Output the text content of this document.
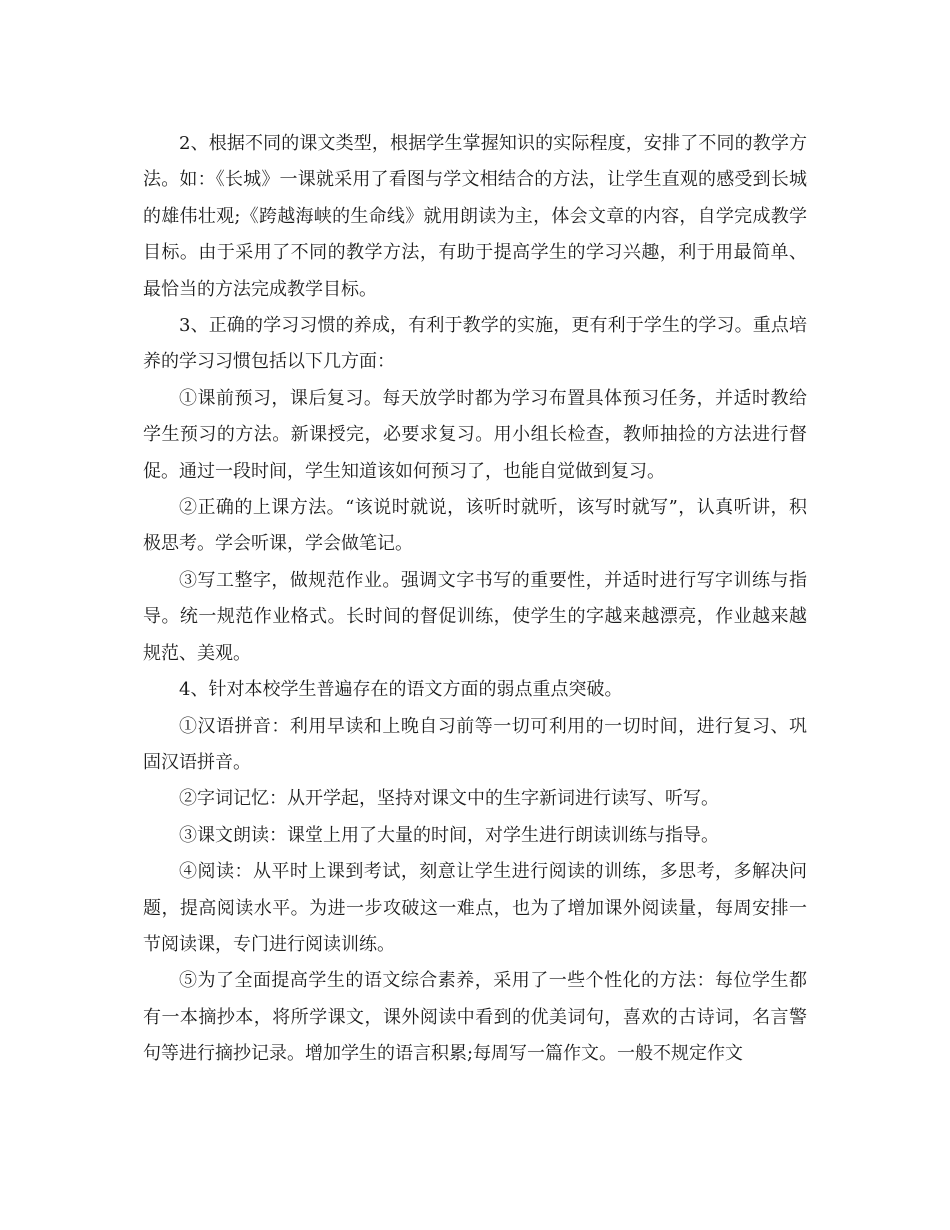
2、根据不同的课文类型，根据学生掌握知识的实际程度，安排了不同的教学方法。如：《长城》一课就采用了看图与学文相结合的方法，让学生直观的感受到长城的雄伟壮观;《跨越海峡的生命线》就用朗读为主，体会文章的内容，自学完成教学目标。由于采用了不同的教学方法，有助于提高学生的学习兴趣，利于用最简单、最恰当的方法完成教学目标。

3、正确的学习习惯的养成，有利于教学的实施，更有利于学生的学习。重点培养的学习习惯包括以下几方面：

①课前预习，课后复习。每天放学时都为学习布置具体预习任务，并适时教给学生预习的方法。新课授完，必要求复习。用小组长检查，教师抽捡的方法进行督促。通过一段时间，学生知道该如何预习了，也能自觉做到复习。

②正确的上课方法。“该说时就说，该听时就听，该写时就写”，认真听讲，积极思考。学会听课，学会做笔记。

③写工整字，做规范作业。强调文字书写的重要性，并适时进行写字训练与指导。统一规范作业格式。长时间的督促训练，使学生的字越来越漂亮，作业越来越规范、美观。

4、针对本校学生普遍存在的语文方面的弱点重点突破。

①汉语拼音：利用早读和上晚自习前等一切可利用的一切时间，进行复习、巩固汉语拼音。

②字词记忆：从开学起，坚持对课文中的生字新词进行读写、听写。

③课文朗读：课堂上用了大量的时间，对学生进行朗读训练与指导。

④阅读：从平时上课到考试，刻意让学生进行阅读的训练，多思考，多解决问题，提高阅读水平。为进一步攻破这一难点，也为了增加课外阅读量，每周安排一节阅读课，专门进行阅读训练。

⑤为了全面提高学生的语文综合素养，采用了一些个性化的方法：每位学生都有一本摘抄本，将所学课文，课外阅读中看到的优美词句，喜欢的古诗词，名言警句等进行摘抄记录。增加学生的语言积累;每周写一篇作文。一般不规定作文
